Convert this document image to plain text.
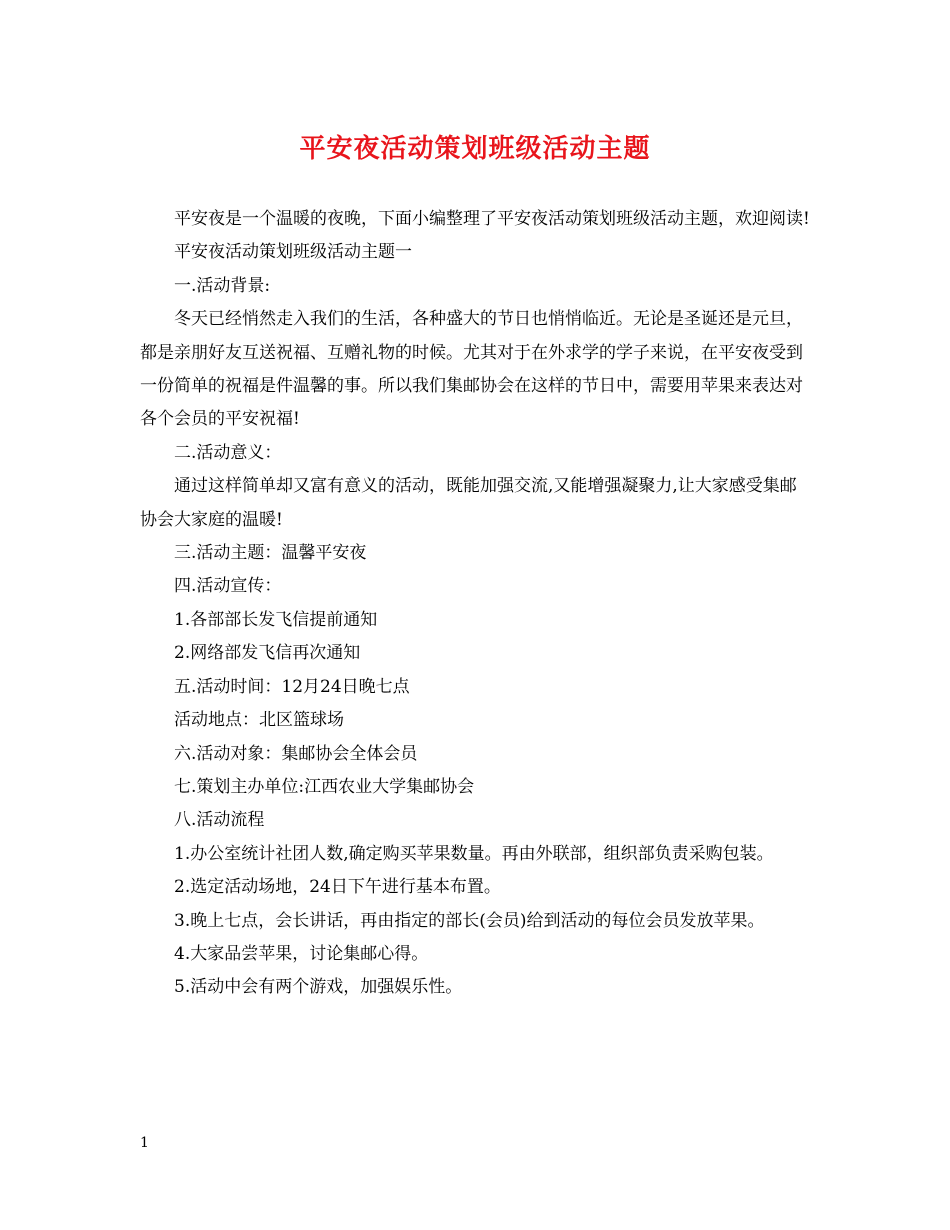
平安夜活动策划班级活动主题

平安夜是一个温暖的夜晚，下面小编整理了平安夜活动策划班级活动主题，欢迎阅读!

平安夜活动策划班级活动主题一

一.活动背景:

冬天已经悄然走入我们的生活，各种盛大的节日也悄悄临近。无论是圣诞还是元旦，都是亲朋好友互送祝福、互赠礼物的时候。尤其对于在外求学的学子来说，在平安夜受到一份简单的祝福是件温馨的事。所以我们集邮协会在这样的节日中，需要用苹果来表达对各个会员的平安祝福!

二.活动意义：

通过这样简单却又富有意义的活动，既能加强交流,又能增强凝聚力,让大家感受集邮协会大家庭的温暖!

三.活动主题：温馨平安夜

四.活动宣传：

1.各部部长发飞信提前通知

2.网络部发飞信再次通知

五.活动时间：12月24日晚七点

活动地点：北区篮球场

六.活动对象：集邮协会全体会员

七.策划主办单位:江西农业大学集邮协会

八.活动流程

1.办公室统计社团人数,确定购买苹果数量。再由外联部，组织部负责采购包装。

2.选定活动场地，24日下午进行基本布置。

3.晚上七点，会长讲话，再由指定的部长(会员)给到活动的每位会员发放苹果。

4.大家品尝苹果，讨论集邮心得。

5.活动中会有两个游戏，加强娱乐性。

1
